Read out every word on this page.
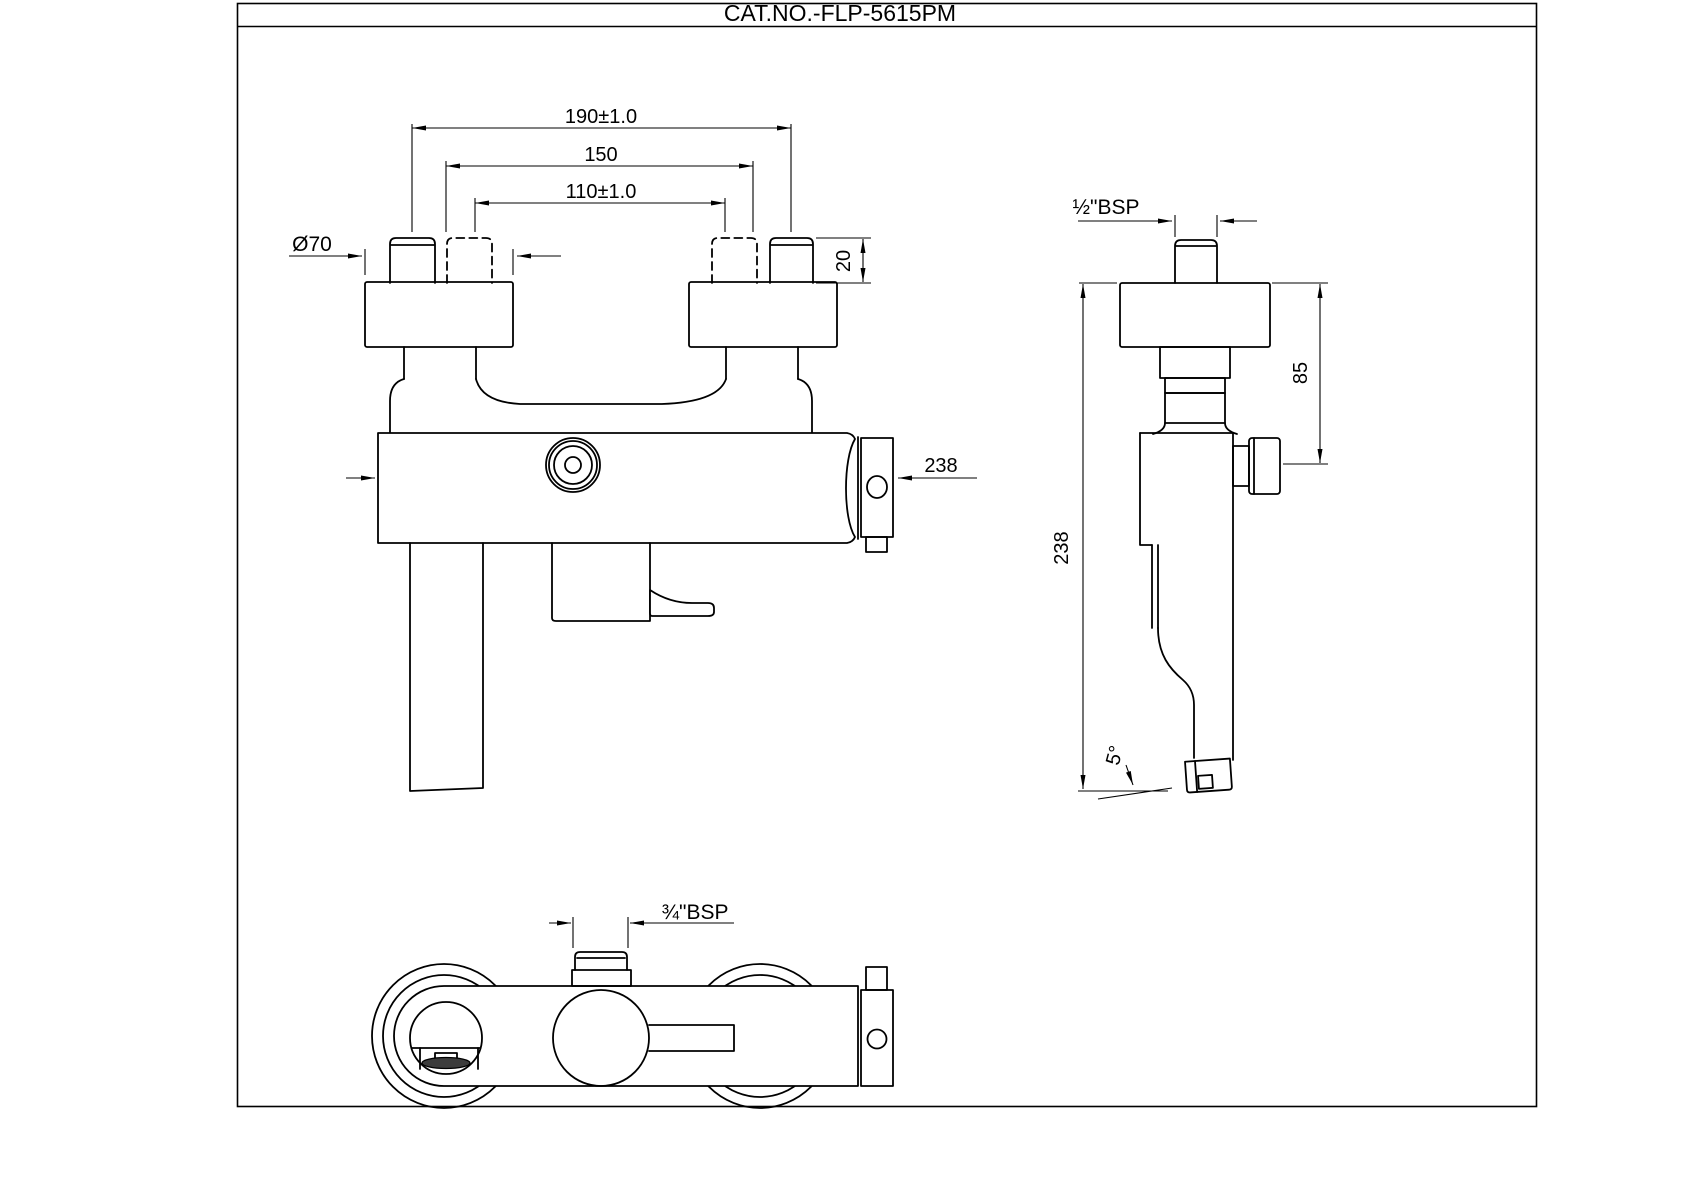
CAT.NO.-FLP-5615PM
190±1.0
150
110±1.0
Ø70
20
238
½"BSP
85
238
5°
¾"BSP
